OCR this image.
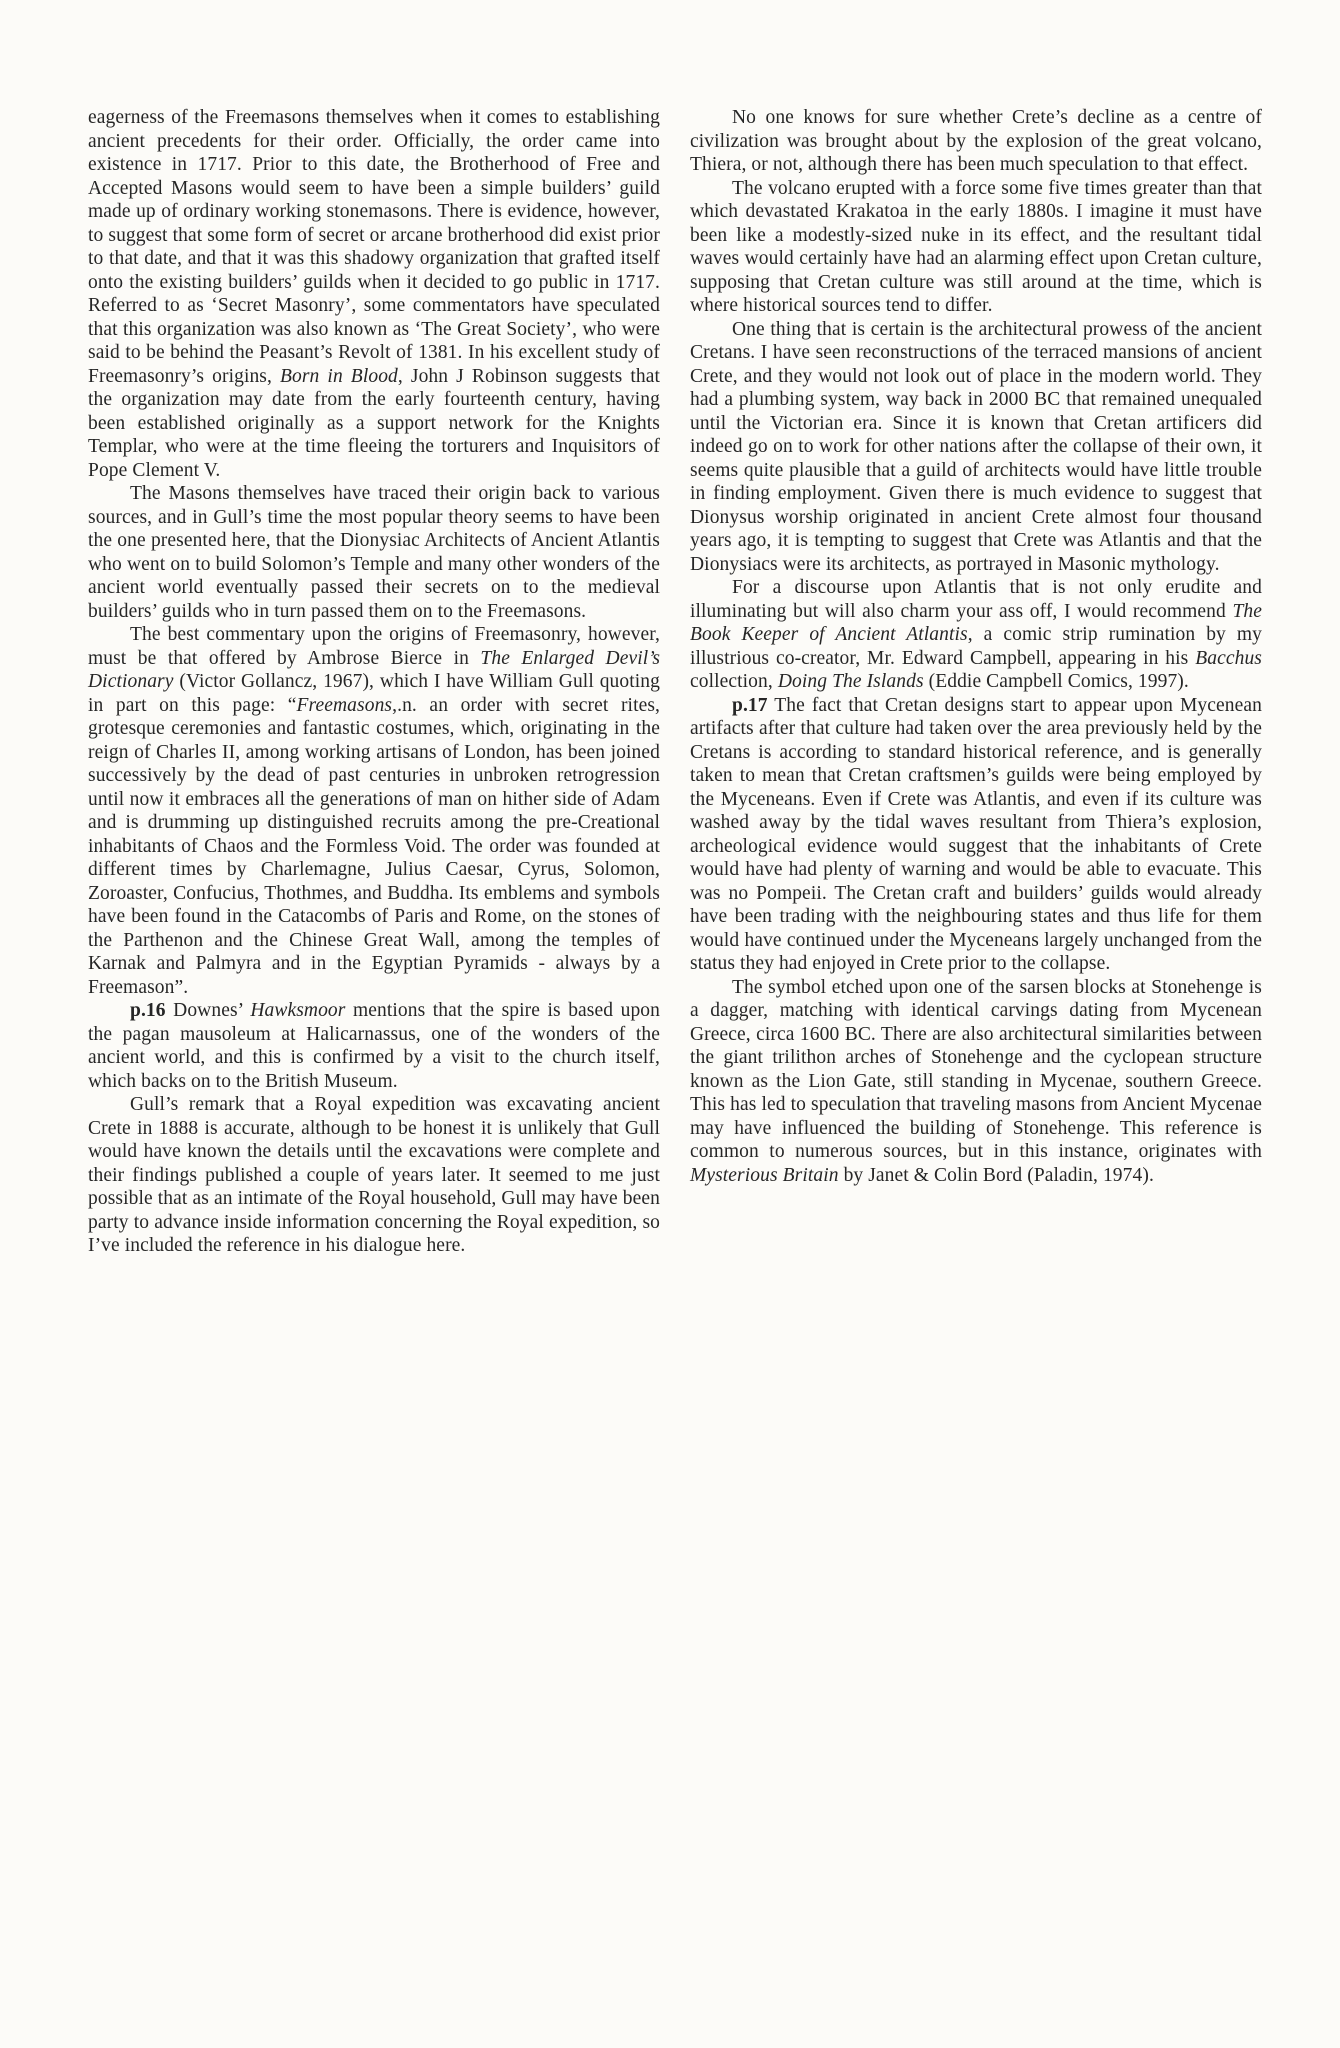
eagerness of the Freemasons themselves when it comes to establishing ancient precedents for their order. Officially, the order came into existence in 1717. Prior to this date, the Brotherhood of Free and Accepted Masons would seem to have been a simple builders’ guild made up of ordinary working stonemasons. There is evidence, however, to suggest that some form of secret or arcane brotherhood did exist prior to that date, and that it was this shadowy organization that grafted itself onto the existing builders’ guilds when it decided to go public in 1717. Referred to as ‘Secret Masonry’, some commentators have speculated that this organization was also known as ‘The Great Society’, who were said to be behind the Peasant’s Revolt of 1381. In his excellent study of Freemasonry’s origins, Born in Blood, John J Robinson suggests that the organization may date from the early fourteenth century, having been established originally as a support network for the Knights Templar, who were at the time fleeing the torturers and Inquisitors of Pope Clement V.

The Masons themselves have traced their origin back to various sources, and in Gull’s time the most popular theory seems to have been the one presented here, that the Dionysiac Architects of Ancient Atlantis who went on to build Solomon’s Temple and many other wonders of the ancient world eventually passed their secrets on to the medieval builders’ guilds who in turn passed them on to the Freemasons.

The best commentary upon the origins of Freemasonry, however, must be that offered by Ambrose Bierce in The Enlarged Devil’s Dictionary (Victor Gollancz, 1967), which I have William Gull quoting in part on this page: “Freemasons,.n. an order with secret rites, grotesque ceremonies and fantastic costumes, which, originating in the reign of Charles II, among working artisans of London, has been joined successively by the dead of past centuries in unbroken retrogression until now it embraces all the generations of man on hither side of Adam and is drumming up distinguished recruits among the pre-Creational inhabitants of Chaos and the Formless Void. The order was founded at different times by Charlemagne, Julius Caesar, Cyrus, Solomon, Zoroaster, Confucius, Thothmes, and Buddha. Its emblems and symbols have been found in the Catacombs of Paris and Rome, on the stones of the Parthenon and the Chinese Great Wall, among the temples of Karnak and Palmyra and in the Egyptian Pyramids - always by a Freemason”.

p.16 Downes’ Hawksmoor mentions that the spire is based upon the pagan mausoleum at Halicarnassus, one of the wonders of the ancient world, and this is confirmed by a visit to the church itself, which backs on to the British Museum.

Gull’s remark that a Royal expedition was excavating ancient Crete in 1888 is accurate, although to be honest it is unlikely that Gull would have known the details until the excavations were complete and their findings published a couple of years later. It seemed to me just possible that as an intimate of the Royal household, Gull may have been party to advance inside information concerning the Royal expedition, so I’ve included the reference in his dialogue here.

No one knows for sure whether Crete’s decline as a centre of civilization was brought about by the explosion of the great volcano, Thiera, or not, although there has been much speculation to that effect.

The volcano erupted with a force some five times greater than that which devastated Krakatoa in the early 1880s. I imagine it must have been like a modestly-sized nuke in its effect, and the resultant tidal waves would certainly have had an alarming effect upon Cretan culture, supposing that Cretan culture was still around at the time, which is where historical sources tend to differ.

One thing that is certain is the architectural prowess of the ancient Cretans. I have seen reconstructions of the terraced mansions of ancient Crete, and they would not look out of place in the modern world. They had a plumbing system, way back in 2000 BC that remained unequaled until the Victorian era. Since it is known that Cretan artificers did indeed go on to work for other nations after the collapse of their own, it seems quite plausible that a guild of architects would have little trouble in finding employment. Given there is much evidence to suggest that Dionysus worship originated in ancient Crete almost four thousand years ago, it is tempting to suggest that Crete was Atlantis and that the Dionysiacs were its architects, as portrayed in Masonic mythology.

For a discourse upon Atlantis that is not only erudite and illuminating but will also charm your ass off, I would recommend The Book Keeper of Ancient Atlantis, a comic strip rumination by my illustrious co-creator, Mr. Edward Campbell, appearing in his Bacchus collection, Doing The Islands (Eddie Campbell Comics, 1997).

p.17 The fact that Cretan designs start to appear upon Mycenean artifacts after that culture had taken over the area previously held by the Cretans is according to standard historical reference, and is generally taken to mean that Cretan craftsmen’s guilds were being employed by the Myceneans. Even if Crete was Atlantis, and even if its culture was washed away by the tidal waves resultant from Thiera’s explosion, archeological evidence would suggest that the inhabitants of Crete would have had plenty of warning and would be able to evacuate. This was no Pompeii. The Cretan craft and builders’ guilds would already have been trading with the neighbouring states and thus life for them would have continued under the Myceneans largely unchanged from the status they had enjoyed in Crete prior to the collapse.

The symbol etched upon one of the sarsen blocks at Stonehenge is a dagger, matching with identical carvings dating from Mycenean Greece, circa 1600 BC. There are also architectural similarities between the giant trilithon arches of Stonehenge and the cyclopean structure known as the Lion Gate, still standing in Mycenae, southern Greece. This has led to speculation that traveling masons from Ancient Mycenae may have influenced the building of Stonehenge. This reference is common to numerous sources, but in this instance, originates with Mysterious Britain by Janet & Colin Bord (Paladin, 1974).
